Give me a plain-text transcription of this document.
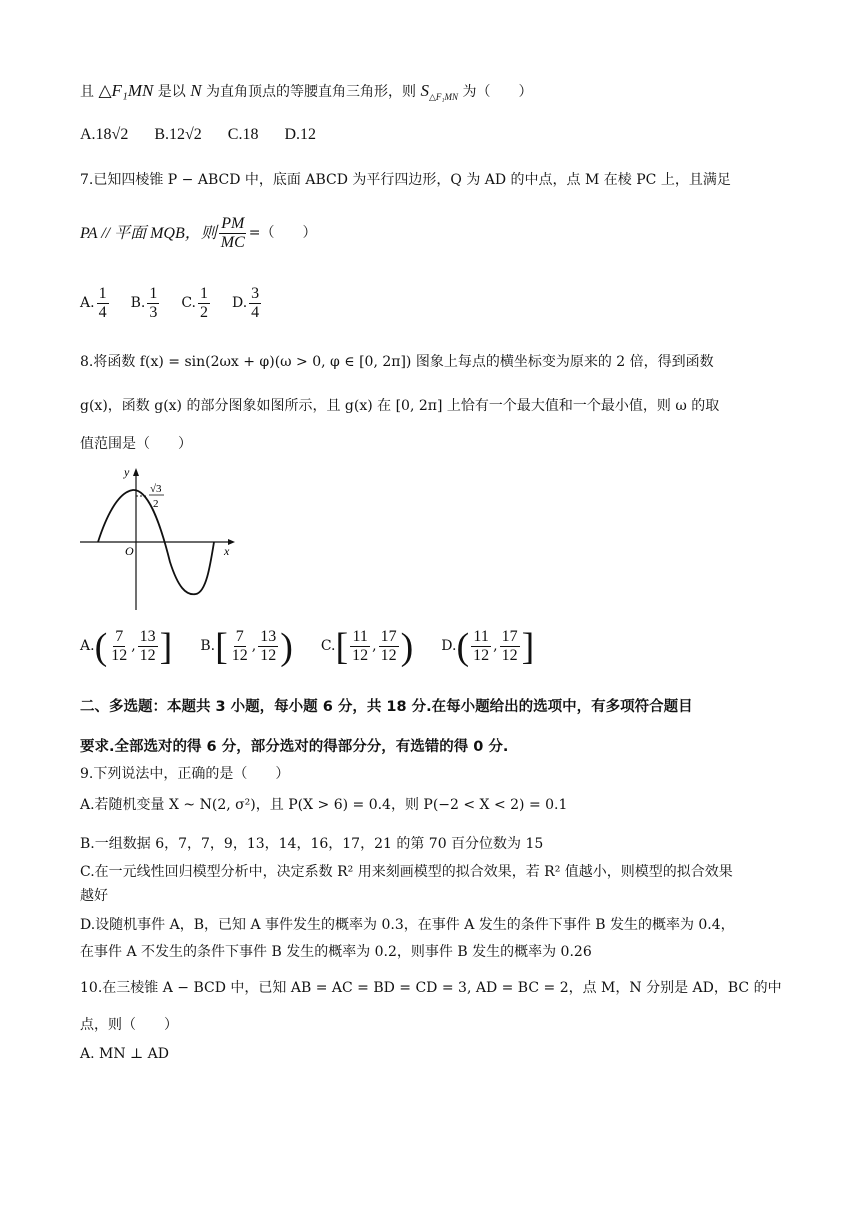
且 △F₁MN 是以 N 为直角顶点的等腰直角三角形，则 $S_{\triangle F_1MN}$ 为（　　）
A.18√2 B.12√2 C.18 D.12
7.已知四棱锥 P − ABCD 中，底面 ABCD 为平行四边形，Q 为 AD 的中点，点 M 在棱 PC 上，且满足
PA // 平面 MQB，则 $\frac{PM}{MC}$ =（　　）
A. $\frac{1}{4} B$. $\frac{1}{3} C$. $\frac{1}{2} D$. $\frac{3}{4}$
8.将函数 f(x) = sin(2ωx + φ)(ω > 0, φ ∈ [0, 2π]) 图象上每点的横坐标变为原来的 2 倍，得到函数
g(x)，函数 g(x) 的部分图象如图所示，且 g(x) 在 [0, 2π] 上恰有一个最大值和一个最小值，则 ω 的取
值范围是（　　）
y
x
O
√3
2
A. ( $\frac{7}{12}$ , $\frac{13}{12}$ ] B. [ $\frac{7}{12}$ , $\frac{13}{12}$ ) C. [ $\frac{11}{12}$ , $\frac{17}{12}$ ) D. ( $\frac{11}{12}$ , $\frac{17}{12}$ ]
二、多选题：本题共 3 小题，每小题 6 分，共 18 分.在每小题给出的选项中，有多项符合题目
要求.全部选对的得 6 分，部分选对的得部分分，有选错的得 0 分.
9.下列说法中，正确的是（　　）
A.若随机变量 X ~ N(2, σ²)，且 P(X > 6) = 0.4，则 P(−2 < X < 2) = 0.1
B.一组数据 6，7，7，9，13，14，16，17，21 的第 70 百分位数为 15
C.在一元线性回归模型分析中，决定系数 R² 用来刻画模型的拟合效果，若 R² 值越小，则模型的拟合效果
越好
D.设随机事件 A，B，已知 A 事件发生的概率为 0.3，在事件 A 发生的条件下事件 B 发生的概率为 0.4，
在事件 A 不发生的条件下事件 B 发生的概率为 0.2，则事件 B 发生的概率为 0.26
10.在三棱锥 A − BCD 中，已知 AB = AC = BD = CD = 3, AD = BC = 2，点 M，N 分别是 AD，BC 的中
点，则（　　）
A. MN ⊥ AD
